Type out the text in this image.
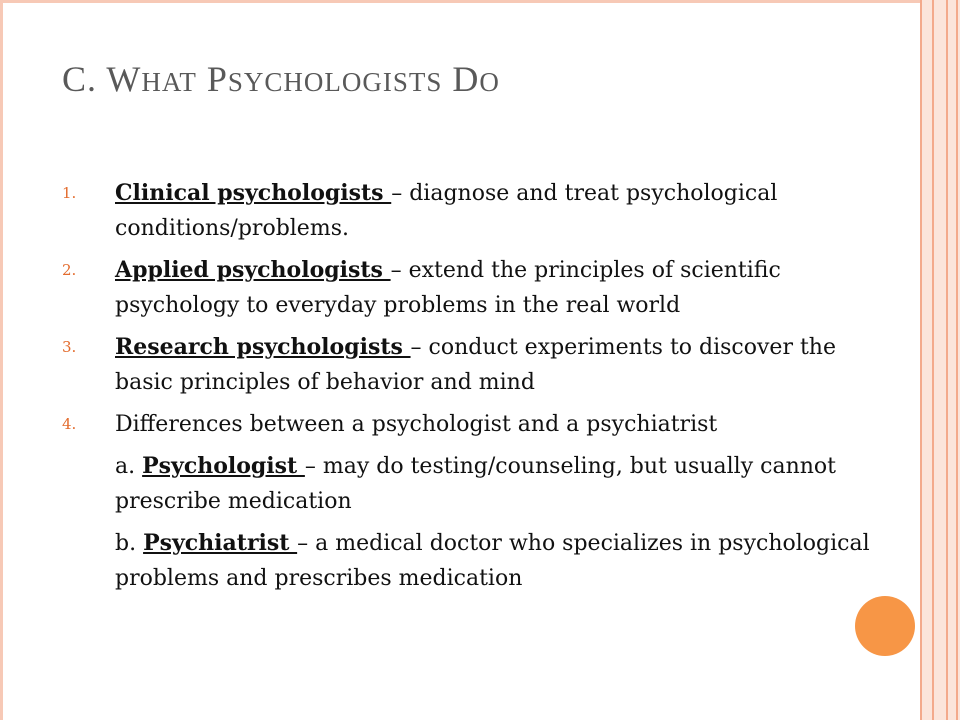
C. WHAT PSYCHOLOGISTS DO
1. Clinical psychologists – diagnose and treat psychological conditions/problems.
2. Applied psychologists – extend the principles of scientific psychology to everyday problems in the real world
3. Research psychologists – conduct experiments to discover the basic principles of behavior and mind
4. Differences between a psychologist and a psychiatrist
a. Psychologist – may do testing/counseling, but usually cannot prescribe medication
b. Psychiatrist – a medical doctor who specializes in psychological problems and prescribes medication
